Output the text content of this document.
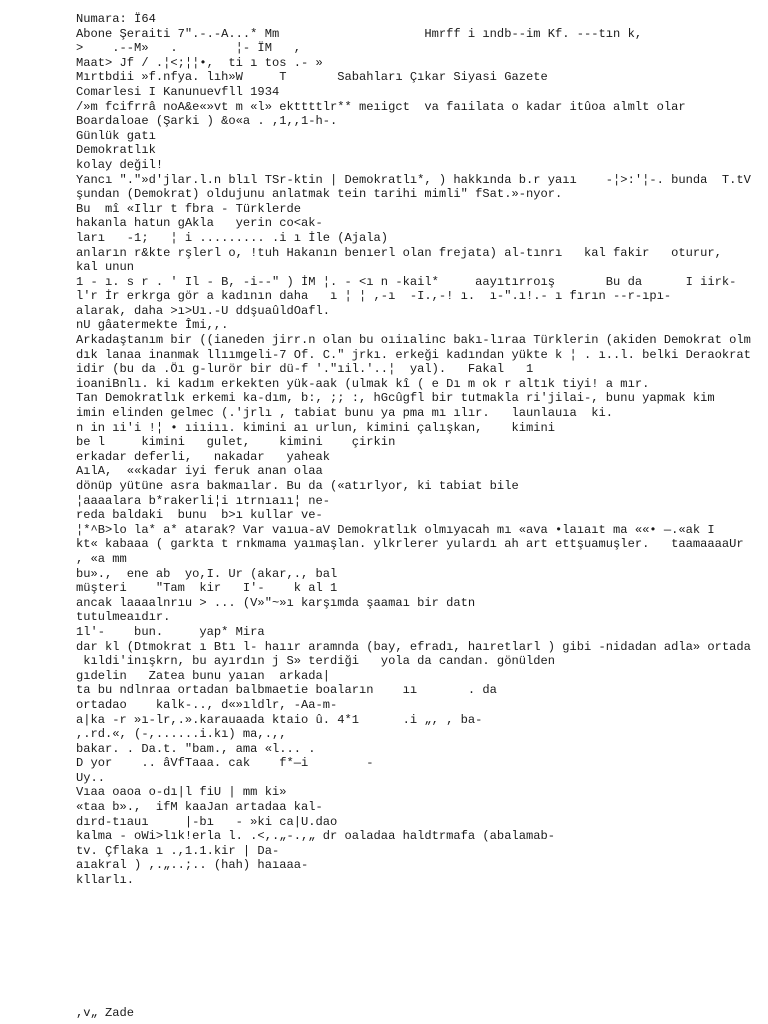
Numara: Ï64
Abone Şeraiti 7".-.-A...* Mm                    Hmrff i ındb--im Kf. ---tın k,
>    .--M»   .        ¦- ÏM   ,
Maat> Jf / .¦<;¦¦•,  ti ı tos .- »
Mırtbdii »f.nfya. lıh»W     T       Sabahları Çıkar Siyasi Gazete
Comarlesi I Kanunuevfll 1934
/»m fcifrrâ noA&e«»vt m «l» ekttttlr** meıigct  va faıilata o kadar itûoa almlt olar
Boardaloae (Şarki ) &o«a . ,1,,1-h-.
Günlük gatı
Demokratlık
kolay değil!
Yancı "."»d'jlar.l.n blıl TSr-ktin | Demokratlı*, ) hakkında b.r yaıı    -¦>:'¦-. bunda  T.tV
şundan (Demokrat) oldujunu anlatmak tein tarihi mimli" fSat.»-nyor.
Bu  mî «Ilır t fbra - Türklerde
hakanla hatun gAkla   yerin co<ak-
ları   -1;   ¦ i ......... .i ı İle (Ajala)
anların r&kte rşlerl o, !tuh Hakanın benıerl olan frejata) al-tınrı   kal fakir   oturur,
kal unun
1 - ı. s r . ' Il - B, -i--" ) İM ¦. - <ı n -kail*     aayıtırroış       Bu da      I iirk-
l'r İr erkrga gör a kadının daha   ı ¦ ¦ ,-ı  -I.,-! ı.  ı-".ı!.- ı fırın --r-ıpı-
alarak, daha >ı>Uı.-U ddşuaûldOafl.
nU gâatermekte Îmi,,.
Arkadaştanım bir ((ianeden jirr.n olan bu oıiıalinc bakı-lıraa Türklerin (akiden Demokrat olm
dık lanaa inanmak llıımgeli-7 Of. C." jrkı. erkeği kadından yükte k ¦ . ı..l. belki Deraokrat
idir (bu da .Öı g-lurör bir dü-f '."ıil.'..¦  yal).   Fakal   1
ioaniBnlı. ki kadım erkekten yük-aak (ulmak kî ( e Dı m ok r altık tiyi! a mır.
Tan Demokratlık erkemi ka-dım, b:, ;; :, hGcûgfl bir tutmakla ri'jilai-, bunu yapmak kim
imin elinden gelmec (.'jrlı , tabiat bunu ya pma mı ılır.   launlauıa  ki.
n in ıi'i !¦ • ıiıiıı. kimini aı urlun, kimini çalışkan,    kimini
be l     kimini   gulet,    kimini    çirkin
erkadar deferli,   nakadar   yaheak
AılA,  ««kadar iyi feruk anan olaa
dönüp yütüne asra bakmaılar. Bu da («atırlyor, ki tabiat bile
¦aaaalara b*rakerli¦i ıtrnıaıı¦ ne-
reda baldaki  bunu  b>ı kullar ve-
¦*^B>lo la* a* atarak? Var vaıua-aV Demokratlık olmıyacah mı «ava •laıaıt ma ««• —.«ak I
kt« kabaaa ( garkta t rnkmama yaımaşlan. ylkrlerer yulardı ah art ettşuamuşler.   taamaaaaUr
, «a mm
bu».,  ene ab  yo,I. Ur (akar,., bal
müşteri    "Tam  kir   I'-    k al 1
ancak laaaalnrıu > ... (V»"~»ı karşımda şaamaı bir datn
tutulmeaıdır.
1l'-    bun.     yap* Mira
dar kl (Dtmokrat ı Btı l- haıır aramnda (bay, efradı, haıretlarl ) gibi -nidadan adla» ortada
kıldi'inışkrn, bu ayırdın j S» terdiği   yola da candan. gönülden
gıdelin   Zatea bunu yaıan  arkada|
ta bu ndlnraa ortadan balbmaetie boaların    ıı       . da
ortadao    kalk-.., d«»ıldlr, -Aa-m-
a|ka -r »ı-lr,.».karauaada ktaio û. 4*1      .i „, , ba-
,.rd.«, (-,......i.kı) ma,.,,
bakar. . Da.t. "bam., ama «l... .
D yor    .. âVfTaaa. cak    f*—i        -
Uy..
Vıaa oaoa o-dı|l fiU | mm ki»
«taa b».,  ifM kaaJan artadaa kal-
dırd-tıauı     |-bı   - »ki ca|U.dao
kalma - oWi>lık!erla l. .<,.„-.,„ dr oaladaa haldtrmafa (abalamab-
tv. Çflaka ı .,1.1.kir | Da-
aıakral ) ,.„..;.. (hah) haıaaa-
kllarlı.
,v„ Zade
